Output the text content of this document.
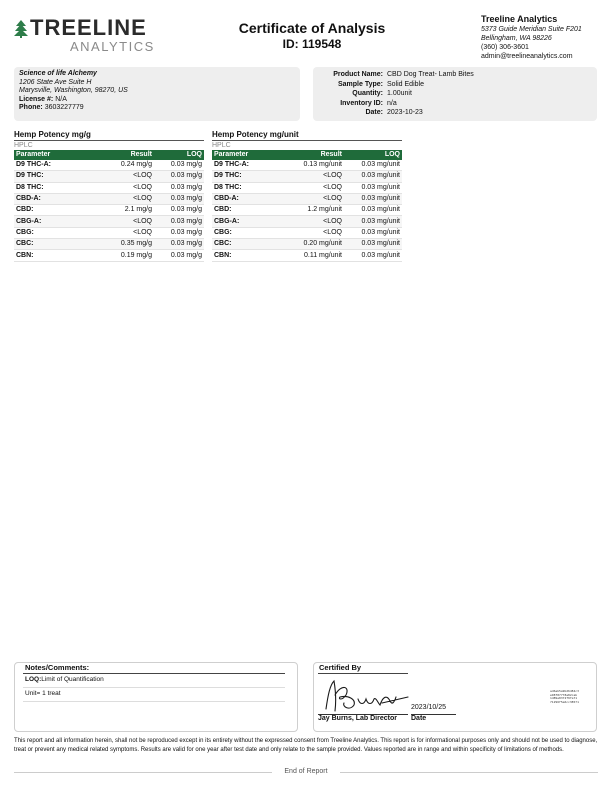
TREELINE
ANALYTICS
Certificate of Analysis
ID: 119548
Treeline Analytics
5373 Guide Meridian Suite F201
Bellingham, WA 98226
(360) 306-3601
admin@treelineanalytics.com
Science of life Alchemy
1206 State Ave Suite H
Marysville, Washington, 98270, US
License #: N/A
Phone: 3603227779
Product Name: CBD Dog Treat- Lamb Bites
Sample Type: Solid Edible
Quantity: 1.00unit
Inventory ID: n/a
Date: 2023-10-23
Hemp Potency mg/g
HPLC
Parameter	Result	LOQ
D9 THC-A:	0.24 mg/g	0.03 mg/g
D9 THC:	<LOQ	0.03 mg/g
D8 THC:	<LOQ	0.03 mg/g
CBD-A:	<LOQ	0.03 mg/g
CBD:	2.1 mg/g	0.03 mg/g
CBG-A:	<LOQ	0.03 mg/g
CBG:	<LOQ	0.03 mg/g
CBC:	0.35 mg/g	0.03 mg/g
CBN:	0.19 mg/g	0.03 mg/g
Hemp Potency mg/unit
HPLC
Parameter	Result	LOQ
D9 THC-A:	0.13 mg/unit	0.03 mg/unit
D9 THC:	<LOQ	0.03 mg/unit
D8 THC:	<LOQ	0.03 mg/unit
CBD-A:	<LOQ	0.03 mg/unit
CBD:	1.2 mg/unit	0.03 mg/unit
CBG-A:	<LOQ	0.03 mg/unit
CBG:	<LOQ	0.03 mg/unit
CBC:	0.20 mg/unit	0.03 mg/unit
CBN:	0.11 mg/unit	0.03 mg/unit
Notes/Comments:
LOQ:Limit of Quantification
Unit= 1 treat
Certified By
Jay Burns, Lab Director
2023/10/25
Date
ad6ab5a9b26d84c3
e98f87778a82cab
1d89e8372f9fa71
71296f5a6cc38571
This report and all information herein, shall not be reproduced except in its entirety without the expressed consent from Treeline Analytics. This report is for informational purposes only and should not be used to diagnose, treat or prevent any medical related symptoms. Results are valid for one year after test date and only relate to the sample provided. Values reported are in range and within specificity of limitations of methods.
End of Report
